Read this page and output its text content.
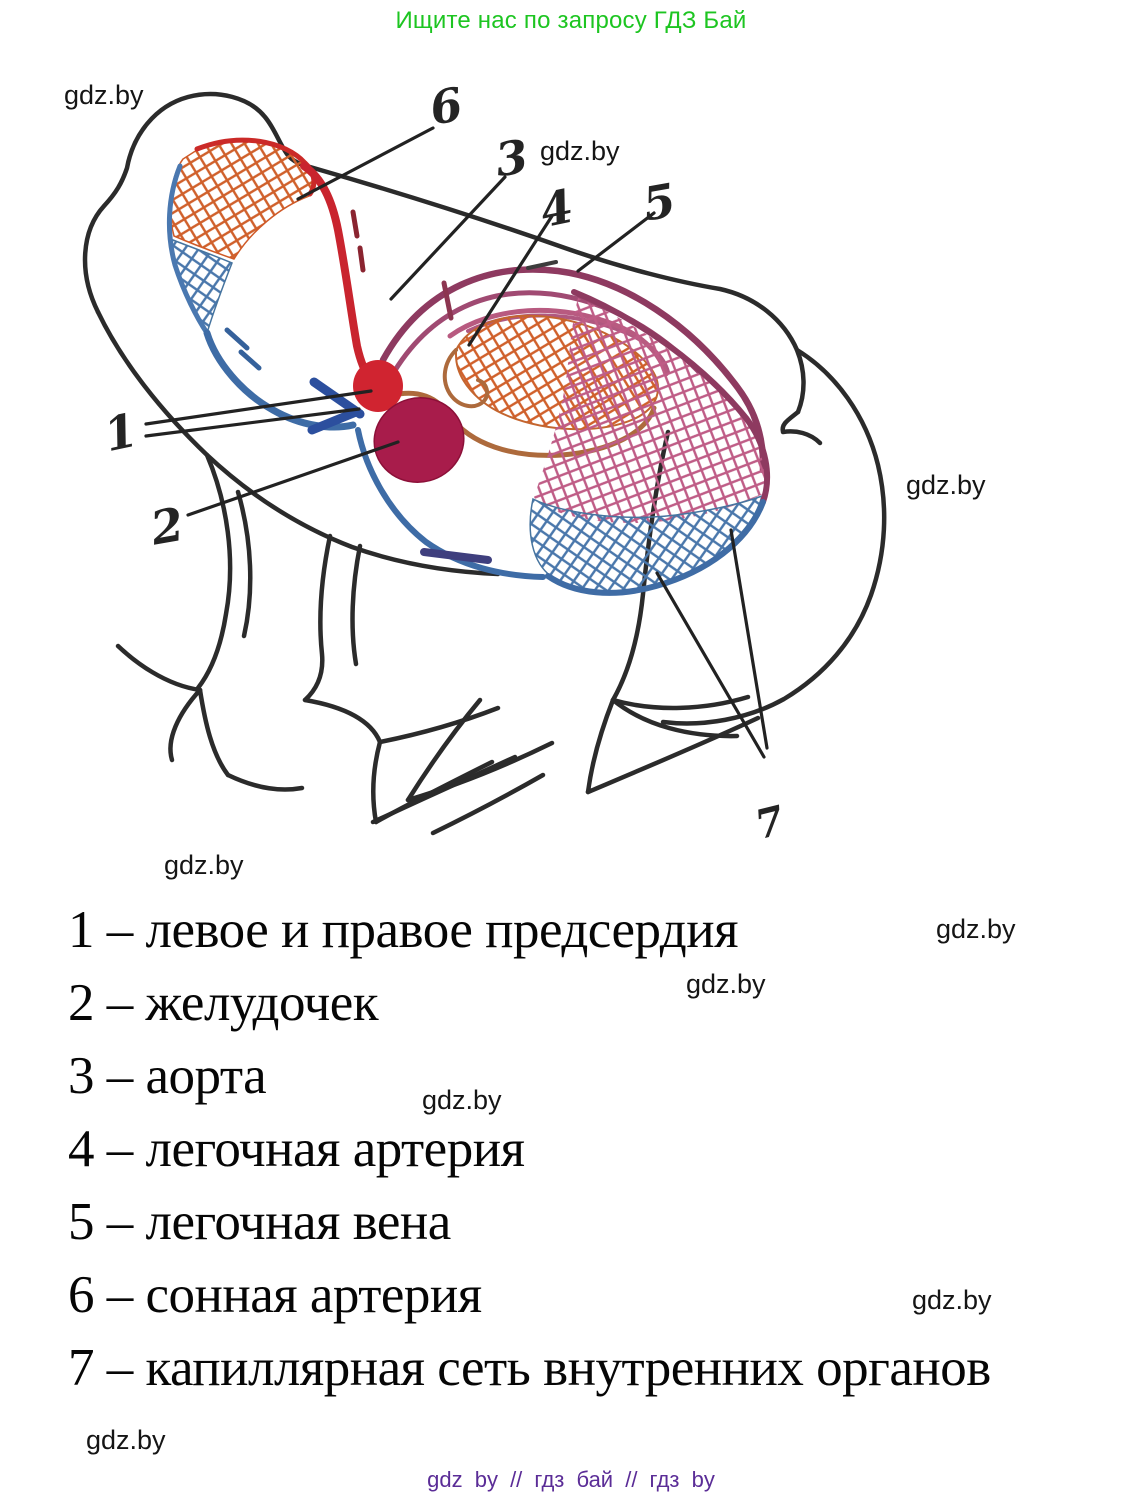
Ищите нас по запросу ГДЗ Бай
6
3
4 5
1
2
7
gdz.by
gdz.by
gdz.by
gdz.by
gdz.by
gdz.by
gdz.by
gdz.by
gdz.by
1 – левое и правое предсердия
2 – желудочек
3 – аорта
4 – легочная артерия
5 – легочная вена
6 – сонная артерия
7 – капиллярная сеть внутренних органов
gdz by // гдз бай // гдз by
